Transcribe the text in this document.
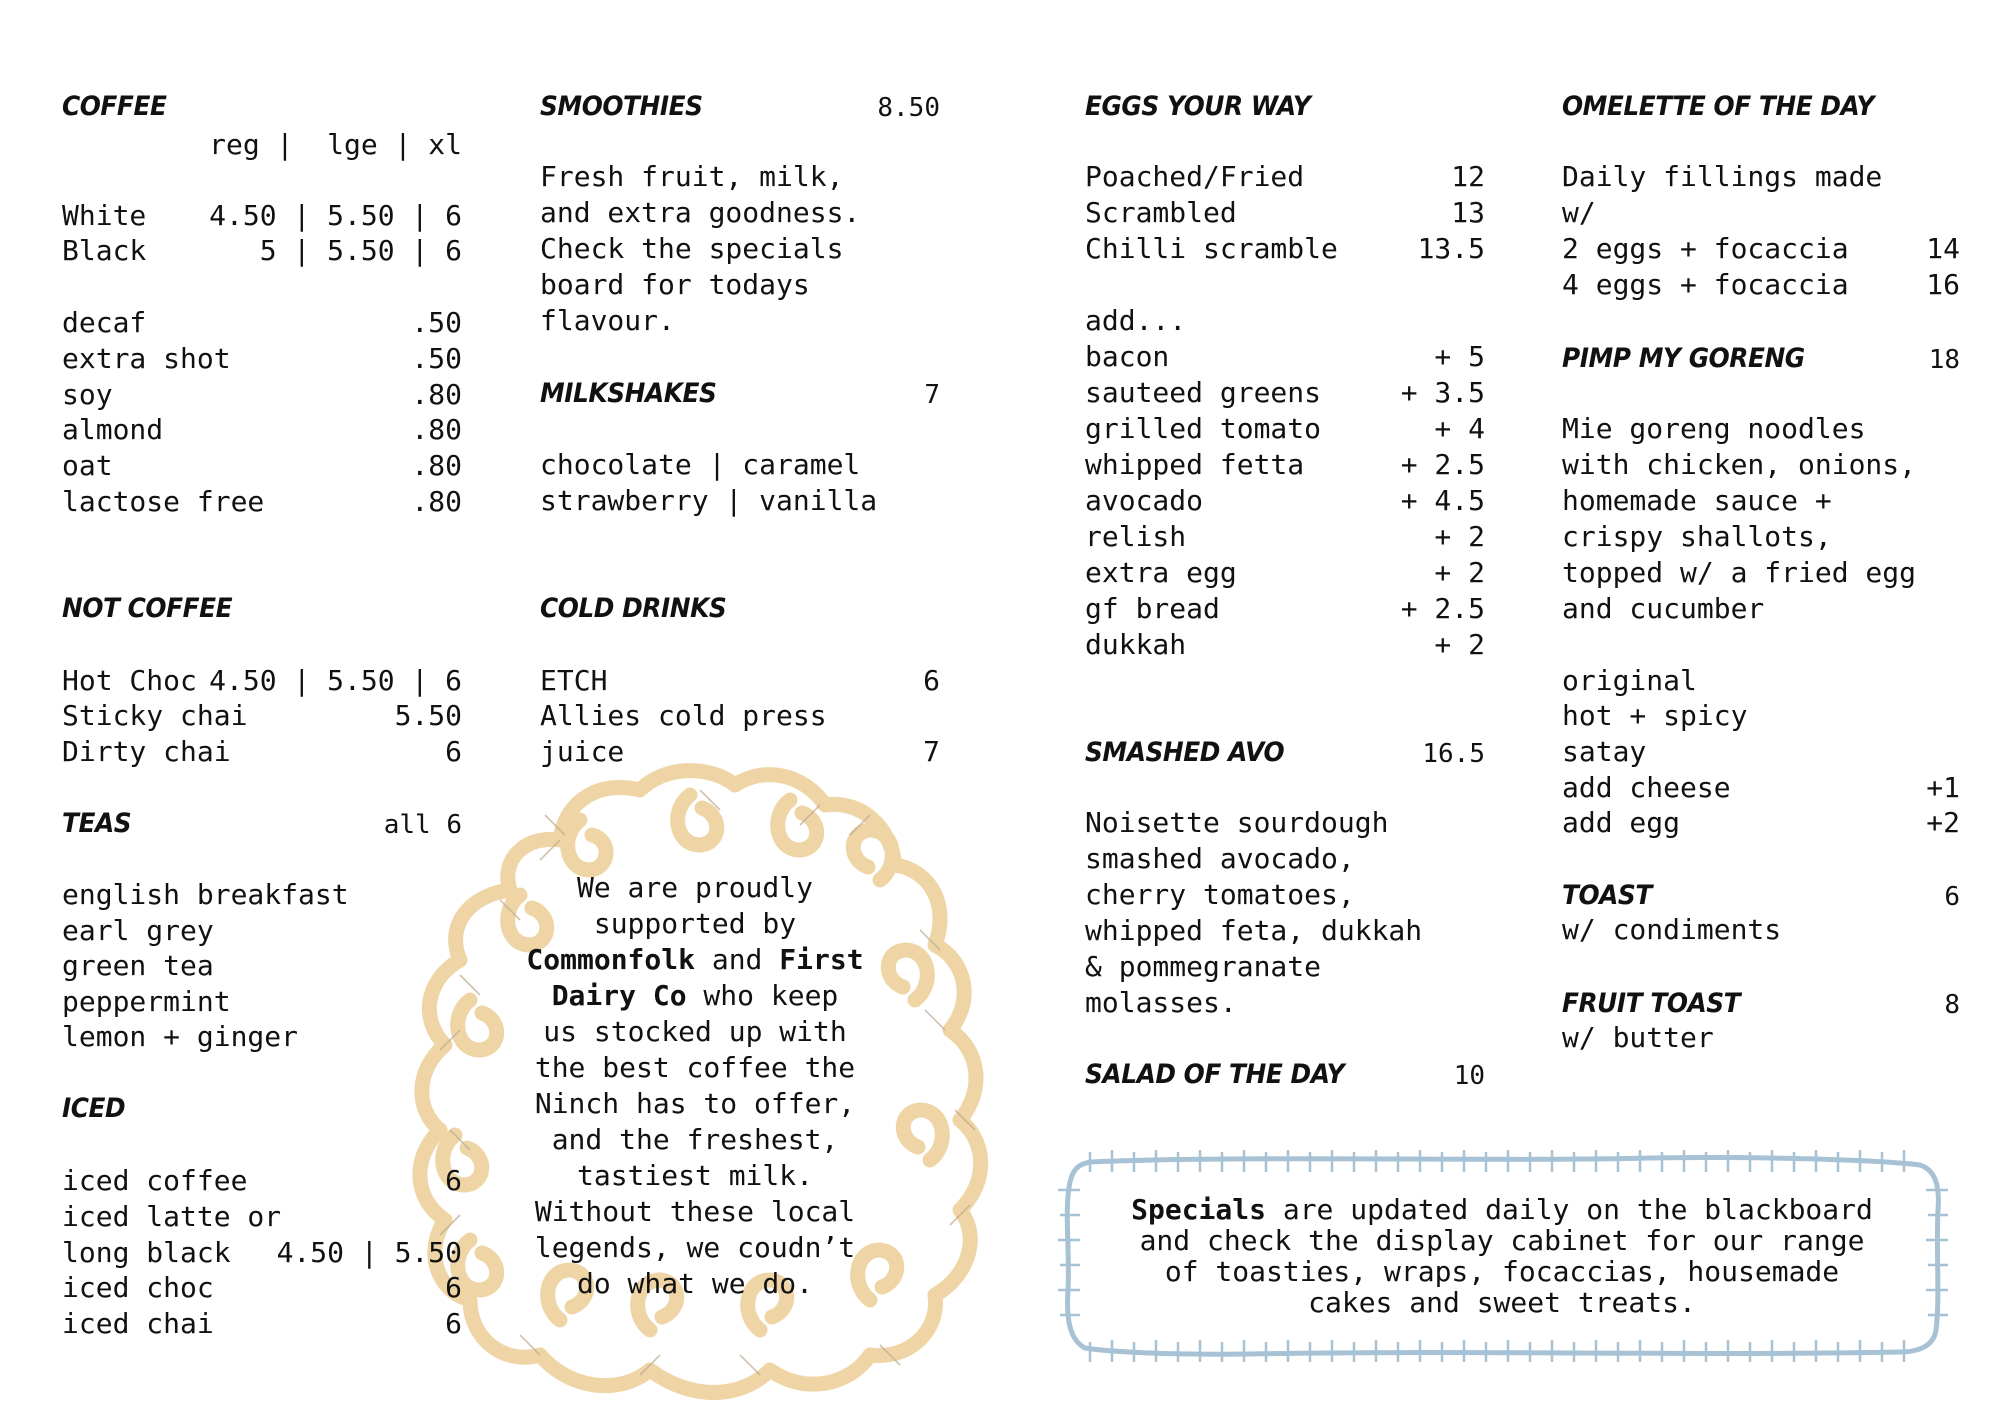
COFFEE
reg |  lge | xl
White 4.50 | 5.50 | 6
Black	5 | 5.50 | 6
decaf	.50
extra shot	.50
soy	.80
almond	.80
oat	.80
lactose free	.80
NOT COFFEE
Hot Choc 4.50 | 5.50 | 6
Sticky chai	5.50
Dirty chai	6
TEAS	all 6
english breakfast
earl grey
green tea
peppermint
lemon + ginger
ICED
iced coffee	6
iced latte or
long black 4.50 | 5.50
iced choc	6
iced chai	6
SMOOTHIES	8.50
Fresh fruit, milk,
and extra goodness.
Check the specials
board for todays
flavour.
MILKSHAKES	7
chocolate | caramel
strawberry | vanilla
COLD DRINKS
ETCH	6
Allies cold press
juice	7
We are proudly
supported by
Commonfolk and First
Dairy Co who keep
us stocked up with
the best coffee the
Ninch has to offer,
and the freshest,
tastiest milk.
Without these local
legends, we coudn’t
do what we do.
EGGS YOUR WAY
Poached/Fried	12
Scrambled	13
Chilli scramble	13.5
add...
bacon	+ 5
sauteed greens	+ 3.5
grilled tomato	+ 4
whipped fetta	+ 2.5
avocado	+ 4.5
relish	+ 2
extra egg	+ 2
gf bread	+ 2.5
dukkah	+ 2
SMASHED AVO	16.5
Noisette sourdough
smashed avocado,
cherry tomatoes,
whipped feta, dukkah
& pommegranate
molasses.
SALAD OF THE DAY	10
Specials are updated daily on the blackboard
and check the display cabinet for our range
of toasties, wraps, focaccias, housemade
cakes and sweet treats.
OMELETTE OF THE DAY
Daily fillings made
w/
2 eggs + focaccia	14
4 eggs + focaccia	16
PIMP MY GORENG	18
Mie goreng noodles
with chicken, onions,
homemade sauce +
crispy shallots,
topped w/ a fried egg
and cucumber
original
hot + spicy
satay
add cheese	+1
add egg	+2
TOAST	6
w/ condiments
FRUIT TOAST	8
w/ butter
